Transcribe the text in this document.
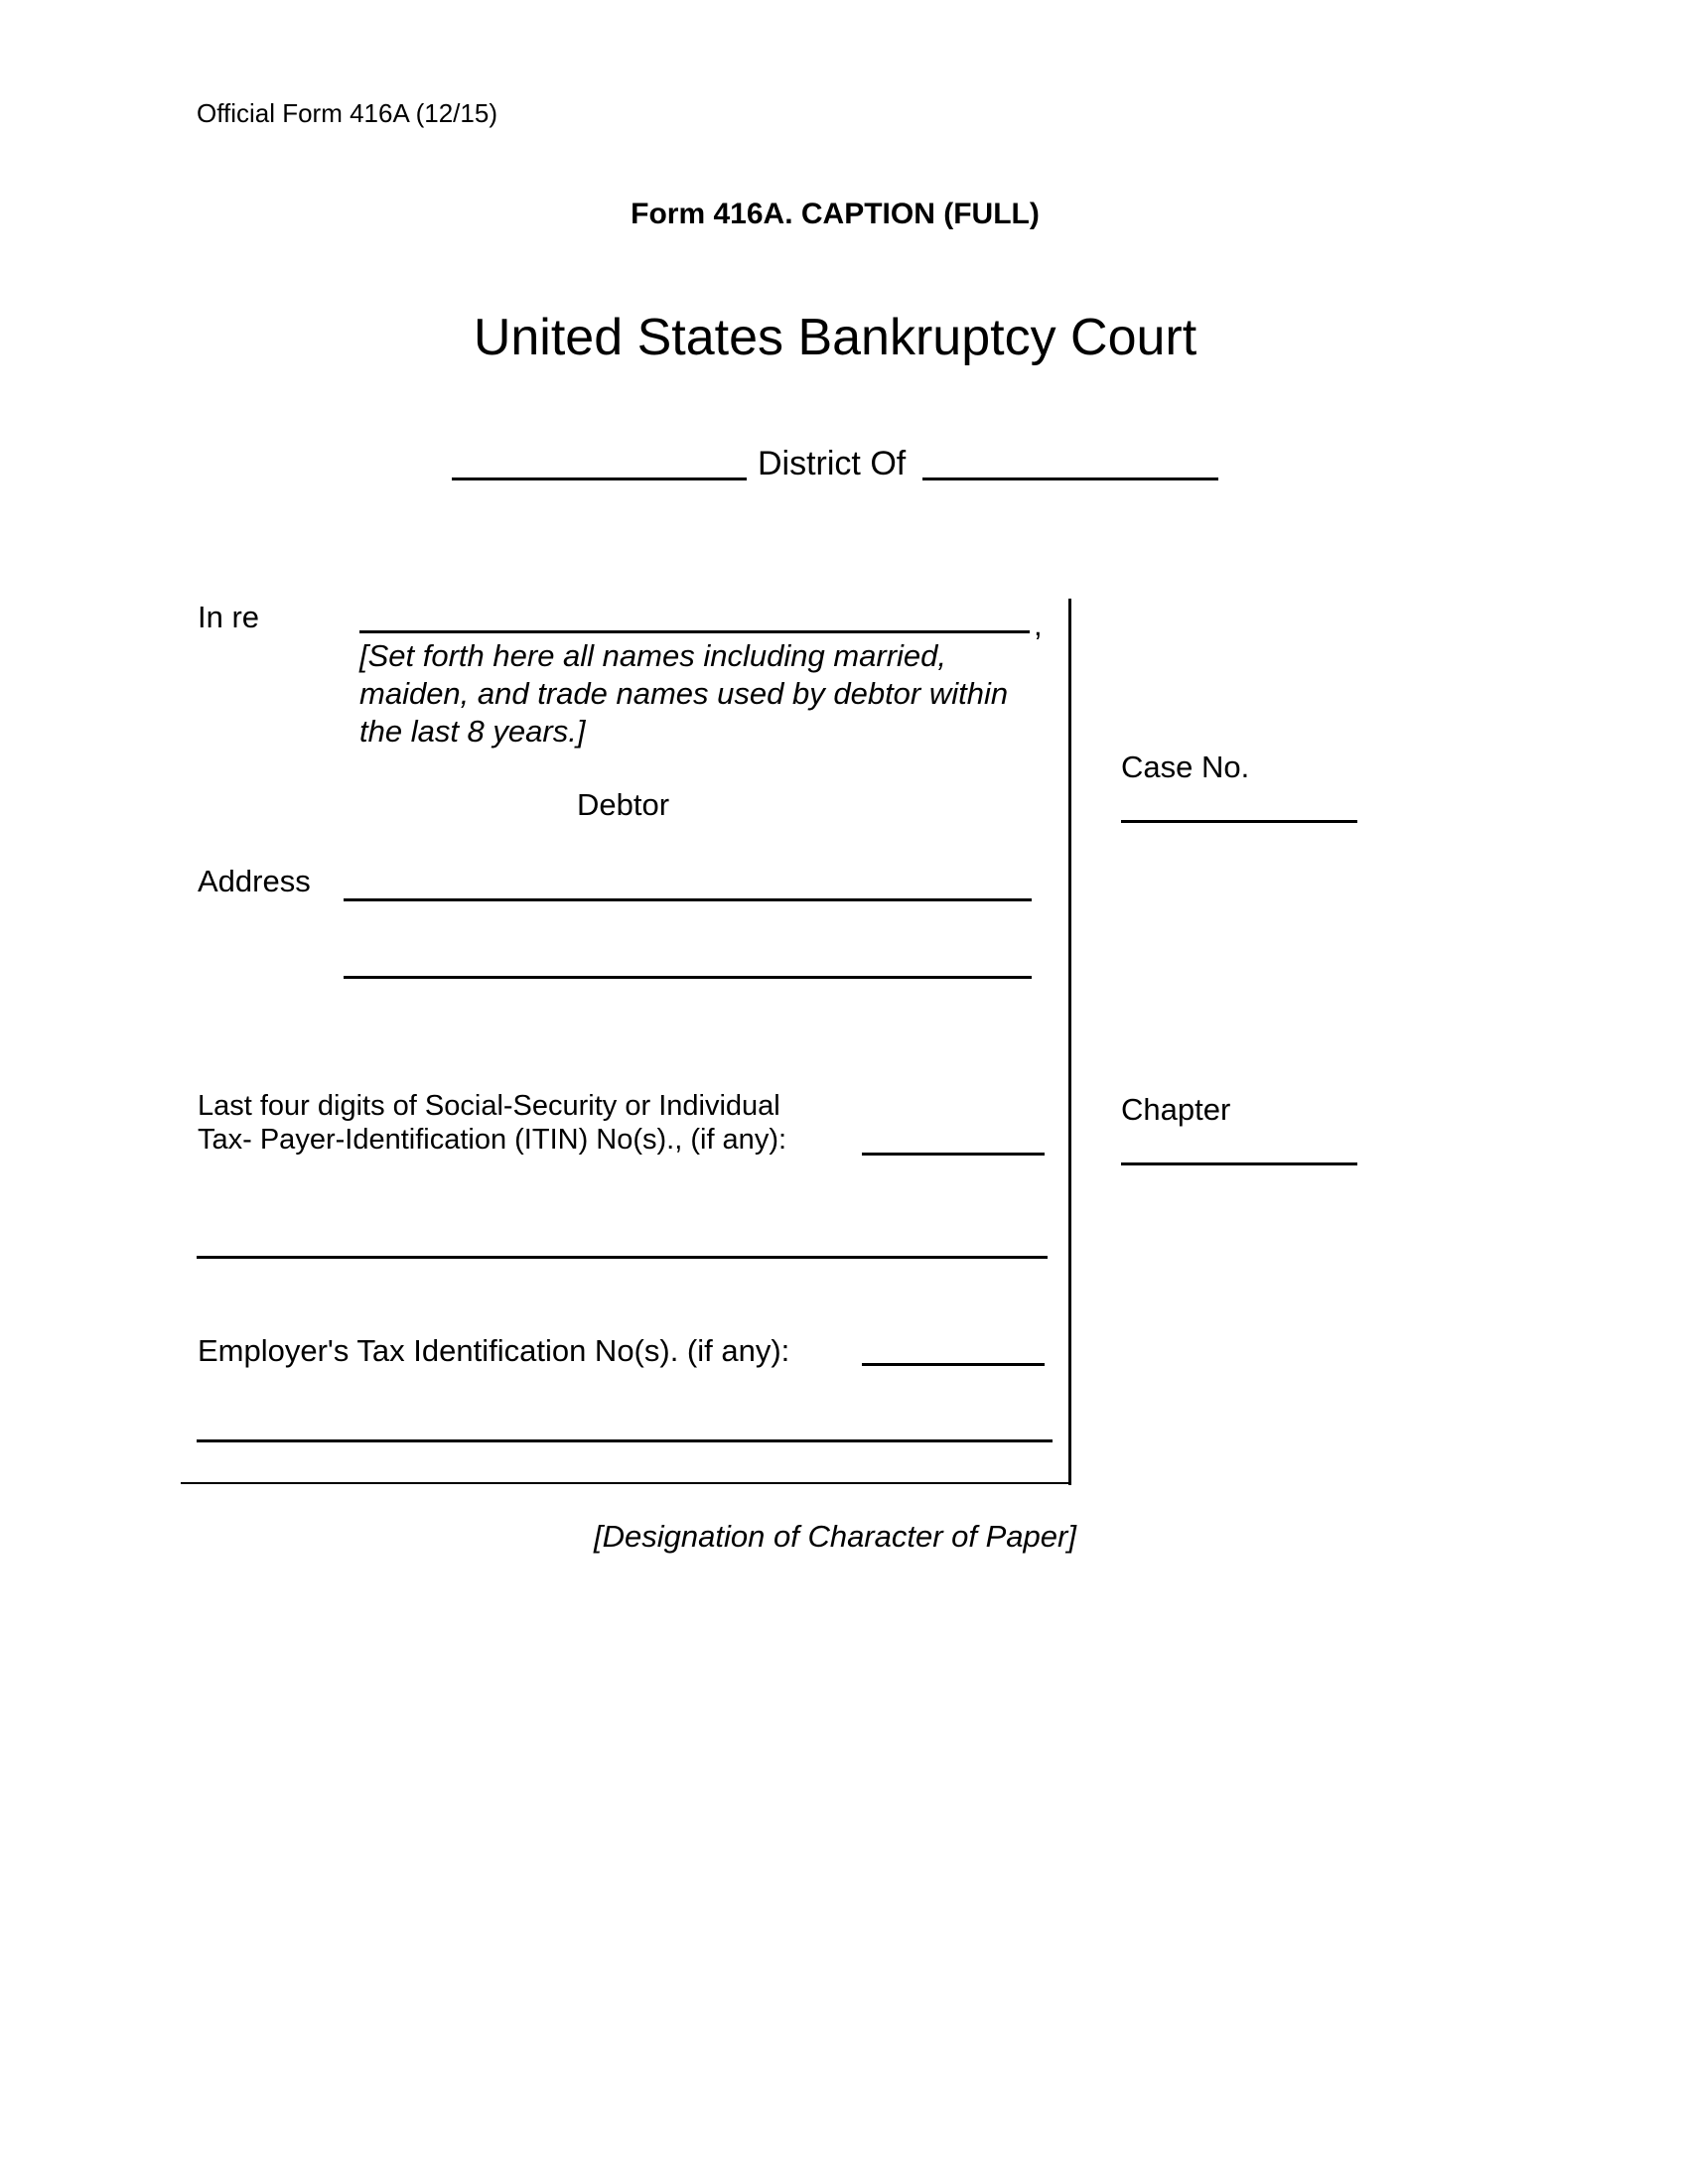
Official Form 416A (12/15)
Form 416A. CAPTION (FULL)
United States Bankruptcy Court
District Of
In re	,
[Set forth here all names including married,
maiden, and trade names used by debtor within
the last 8 years.]
Debtor
Address
Last four digits of Social-Security or Individual
Tax- Payer-Identification (ITIN) No(s)., (if any):
Employer's Tax Identification No(s). (if any):
Case No.
Chapter
[Designation of Character of Paper]
